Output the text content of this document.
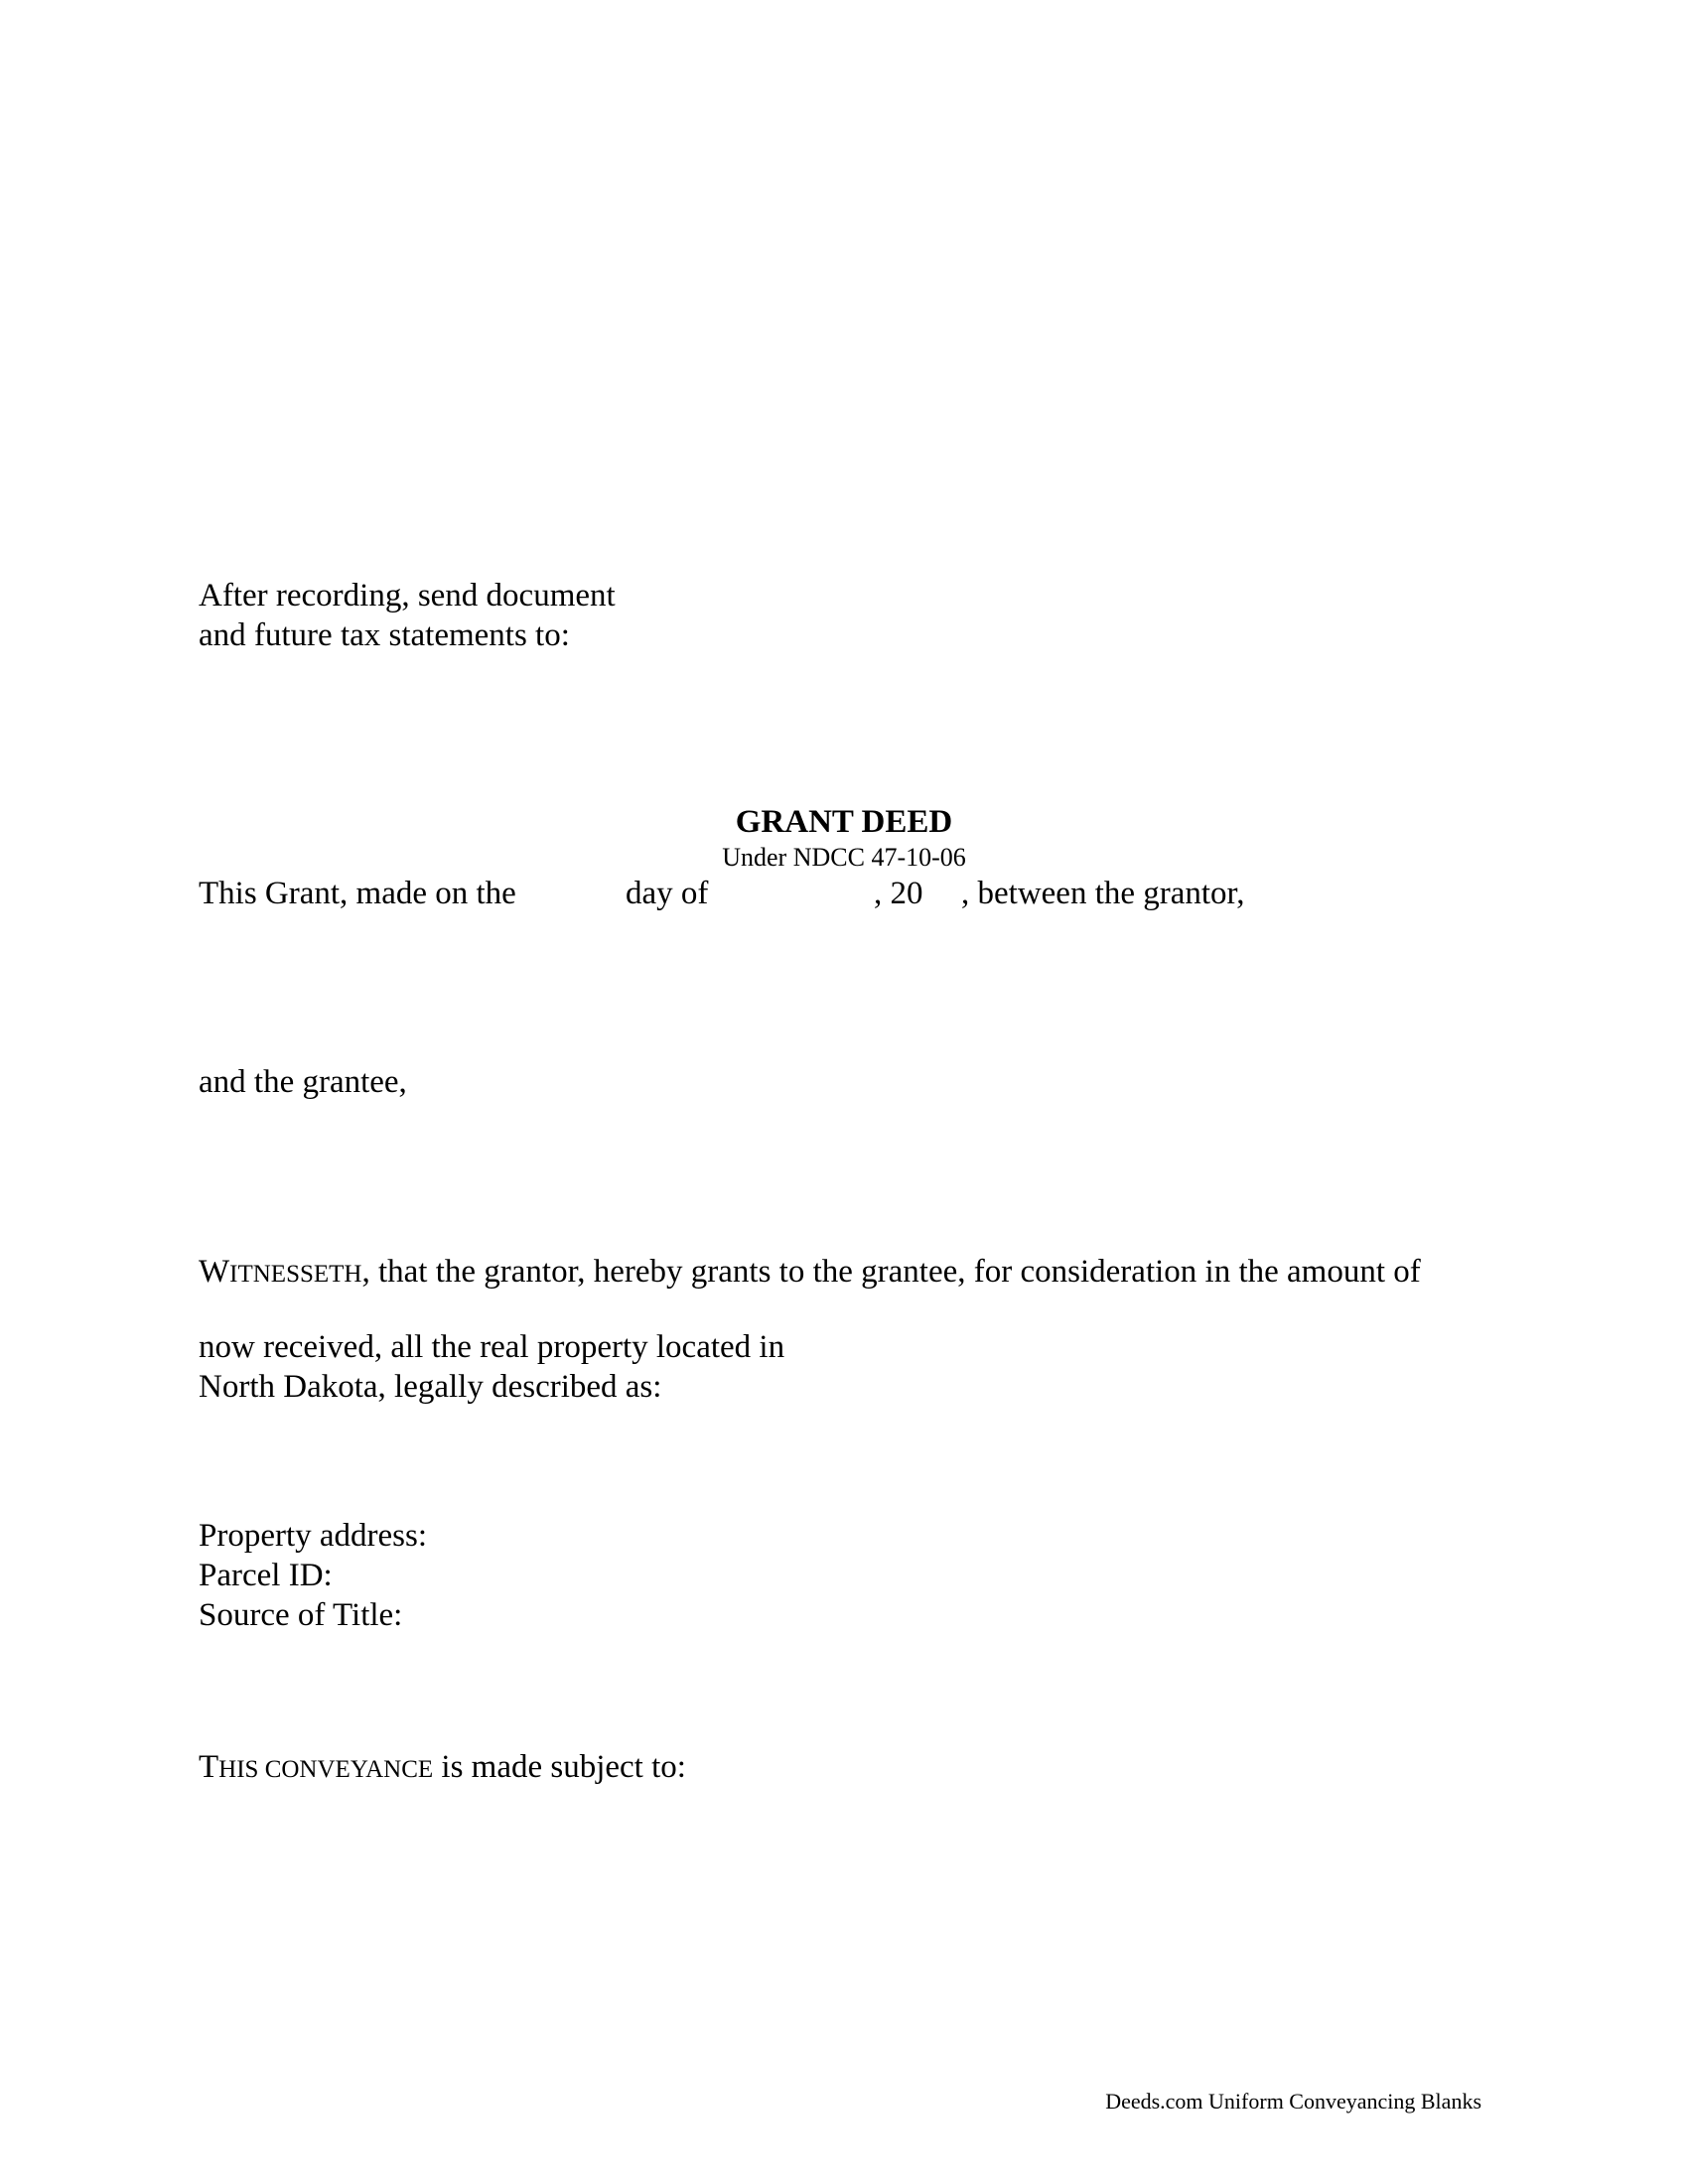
After recording, send document
and future tax statements to:
GRANT DEED
Under NDCC 47-10-06
This Grant, made on the	day of	, 20 , between the grantor,
and the grantee,
WITNESSETH, that the grantor, hereby grants to the grantee, for consideration in the amount of
now received, all the real property located in
North Dakota, legally described as:
Property address:
Parcel ID:
Source of Title:
THIS CONVEYANCE is made subject to:
Deeds.com Uniform Conveyancing Blanks
